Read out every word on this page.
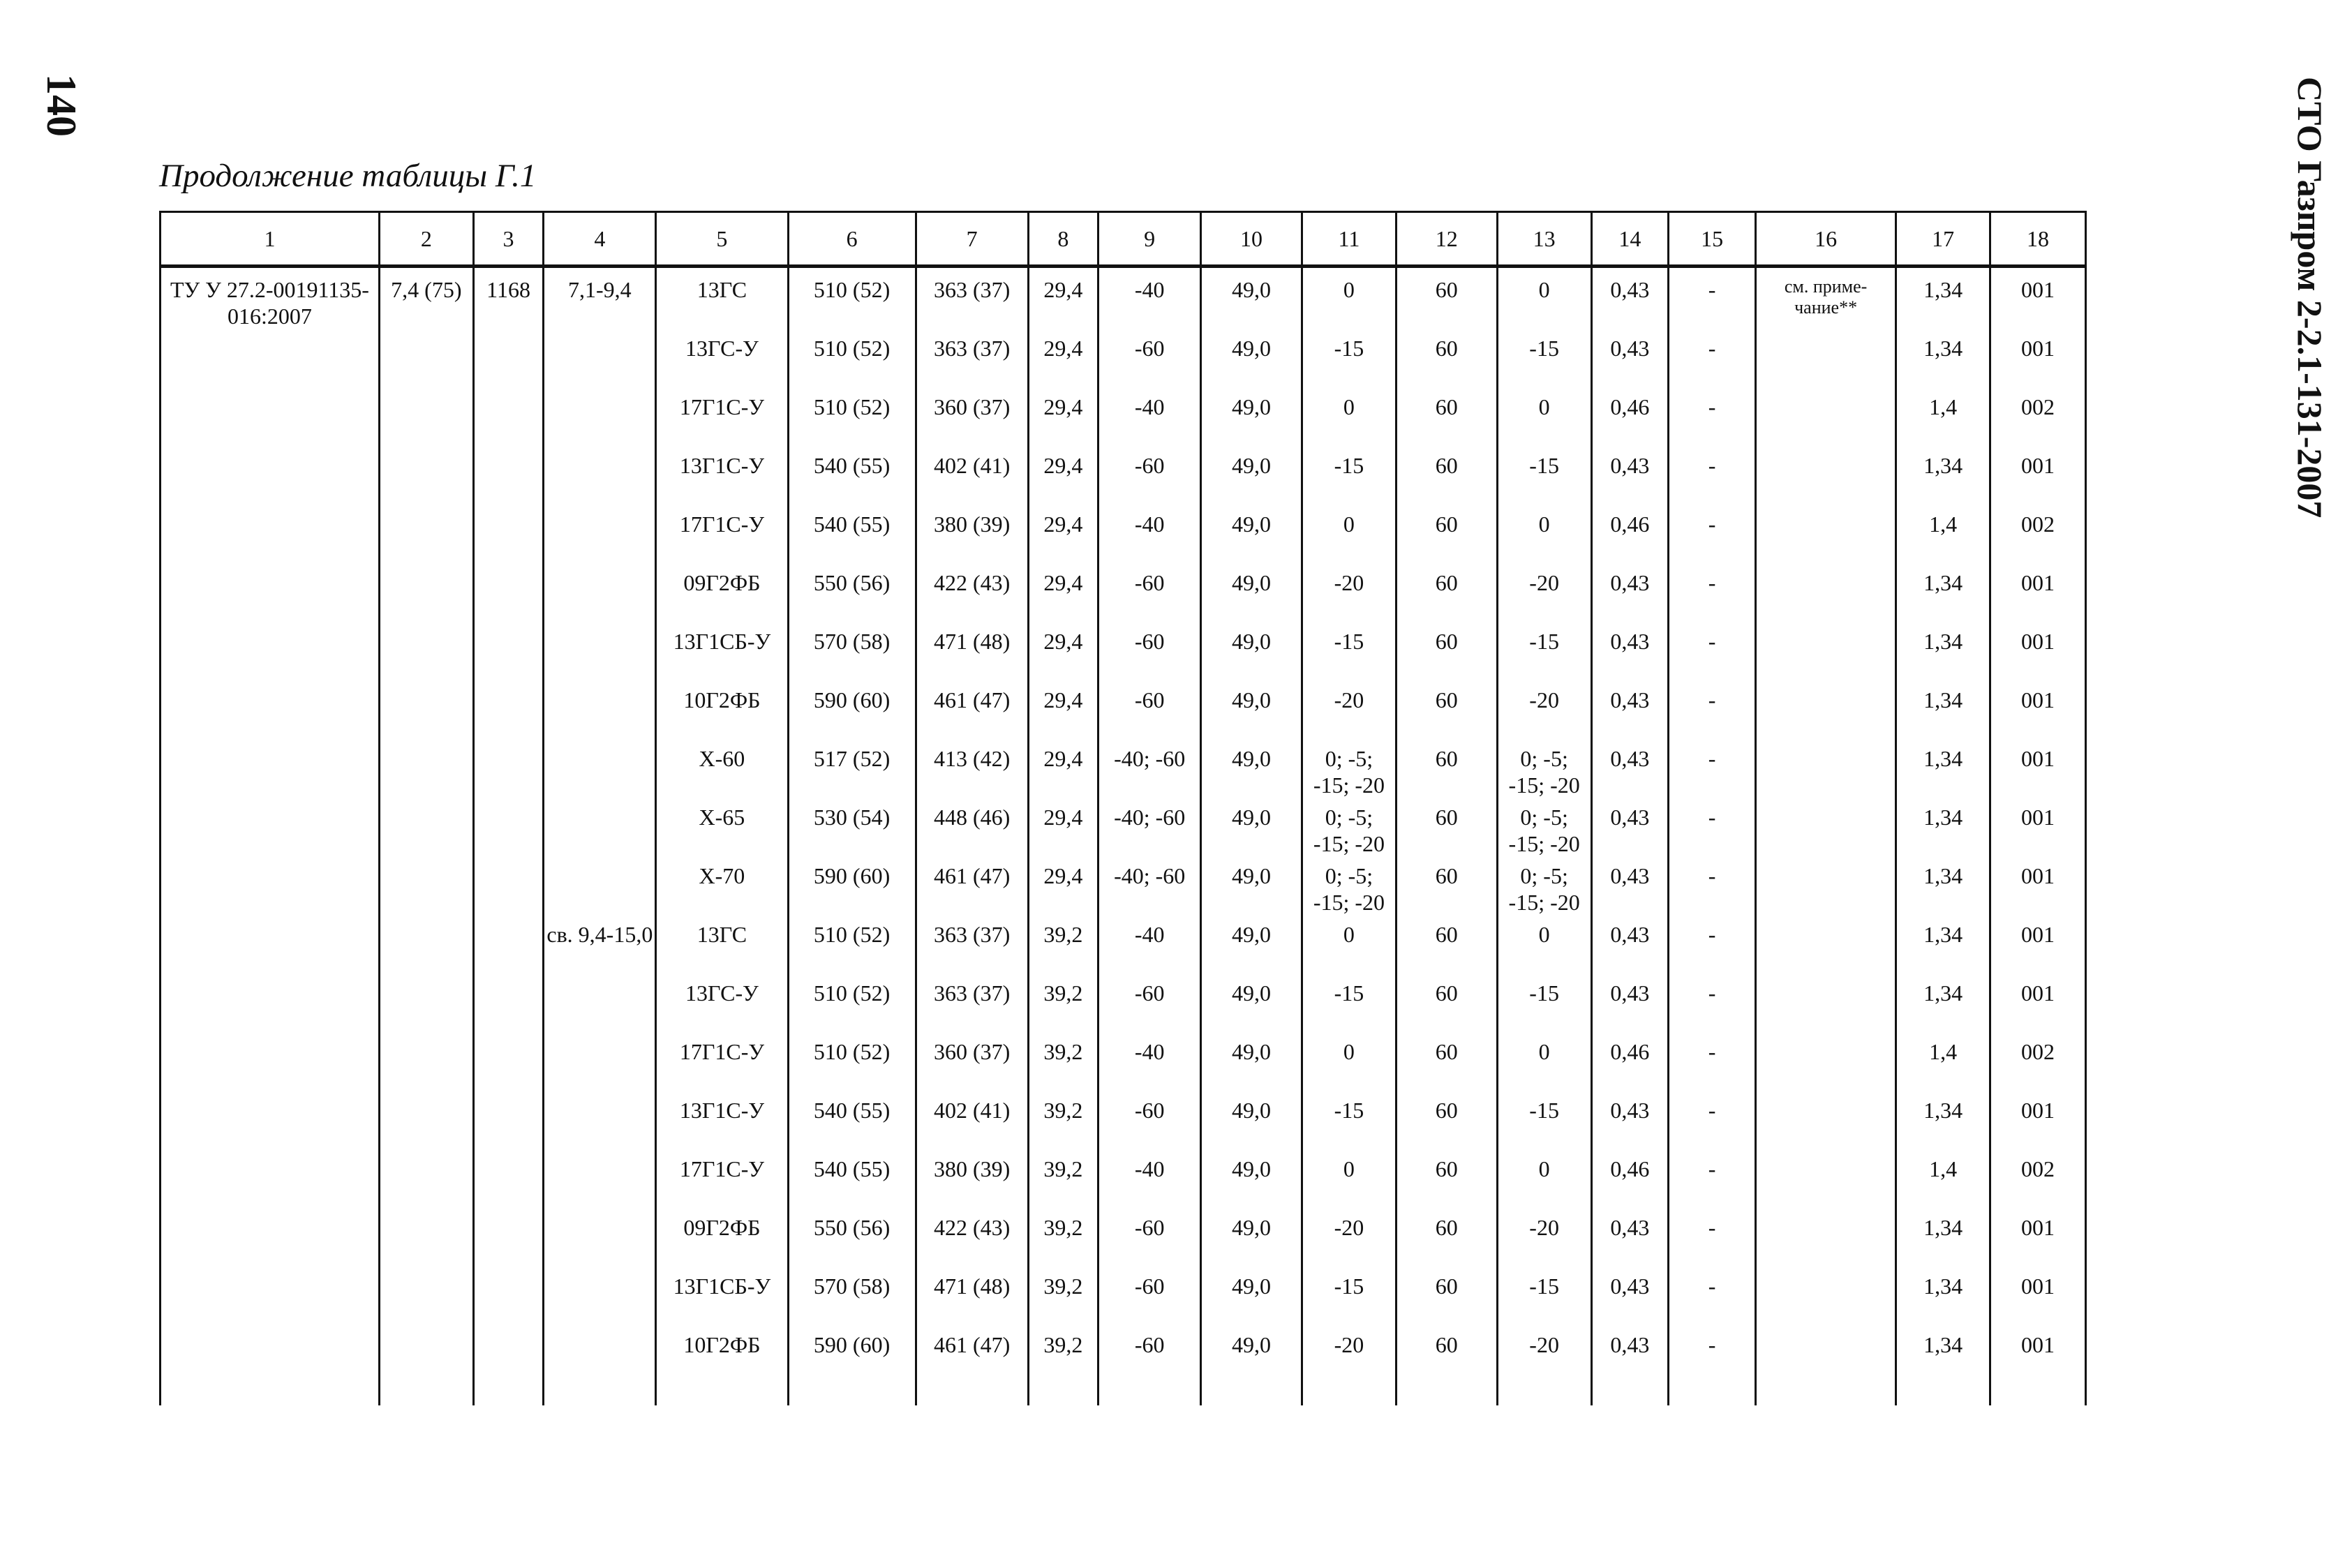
140	СТО Газпром 2-2.1-131-2007
Продолжение таблицы Г.1
1	2	3	4	5	6	7	8	9	10	11	12	13	14	15	16	17	18
ТУ У 27.2-00191135-016:2007	7,4 (75)	1168	7,1-9,4	13ГС	510 (52)	363 (37)	29,4	-40	49,0	0	60	0	0,43	-	см. приме-чание**	1,34	001
				13ГС-У	510 (52)	363 (37)	29,4	-60	49,0	-15	60	-15	0,43	-		1,34	001
				17Г1С-У	510 (52)	360 (37)	29,4	-40	49,0	0	60	0	0,46	-		1,4	002
				13Г1С-У	540 (55)	402 (41)	29,4	-60	49,0	-15	60	-15	0,43	-		1,34	001
				17Г1С-У	540 (55)	380 (39)	29,4	-40	49,0	0	60	0	0,46	-		1,4	002
				09Г2ФБ	550 (56)	422 (43)	29,4	-60	49,0	-20	60	-20	0,43	-		1,34	001
				13Г1СБ-У	570 (58)	471 (48)	29,4	-60	49,0	-15	60	-15	0,43	-		1,34	001
				10Г2ФБ	590 (60)	461 (47)	29,4	-60	49,0	-20	60	-20	0,43	-		1,34	001
				Х-60	517 (52)	413 (42)	29,4	-40; -60	49,0	0; -5; -15; -20	60	0; -5; -15; -20	0,43	-		1,34	001
				Х-65	530 (54)	448 (46)	29,4	-40; -60	49,0	0; -5; -15; -20	60	0; -5; -15; -20	0,43	-		1,34	001
				Х-70	590 (60)	461 (47)	29,4	-40; -60	49,0	0; -5; -15; -20	60	0; -5; -15; -20	0,43	-		1,34	001
			св. 9,4-15,0	13ГС	510 (52)	363 (37)	39,2	-40	49,0	0	60	0	0,43	-		1,34	001
				13ГС-У	510 (52)	363 (37)	39,2	-60	49,0	-15	60	-15	0,43	-		1,34	001
				17Г1С-У	510 (52)	360 (37)	39,2	-40	49,0	0	60	0	0,46	-		1,4	002
				13Г1С-У	540 (55)	402 (41)	39,2	-60	49,0	-15	60	-15	0,43	-		1,34	001
				17Г1С-У	540 (55)	380 (39)	39,2	-40	49,0	0	60	0	0,46	-		1,4	002
				09Г2ФБ	550 (56)	422 (43)	39,2	-60	49,0	-20	60	-20	0,43	-		1,34	001
				13Г1СБ-У	570 (58)	471 (48)	39,2	-60	49,0	-15	60	-15	0,43	-		1,34	001
				10Г2ФБ	590 (60)	461 (47)	39,2	-60	49,0	-20	60	-20	0,43	-		1,34	001
